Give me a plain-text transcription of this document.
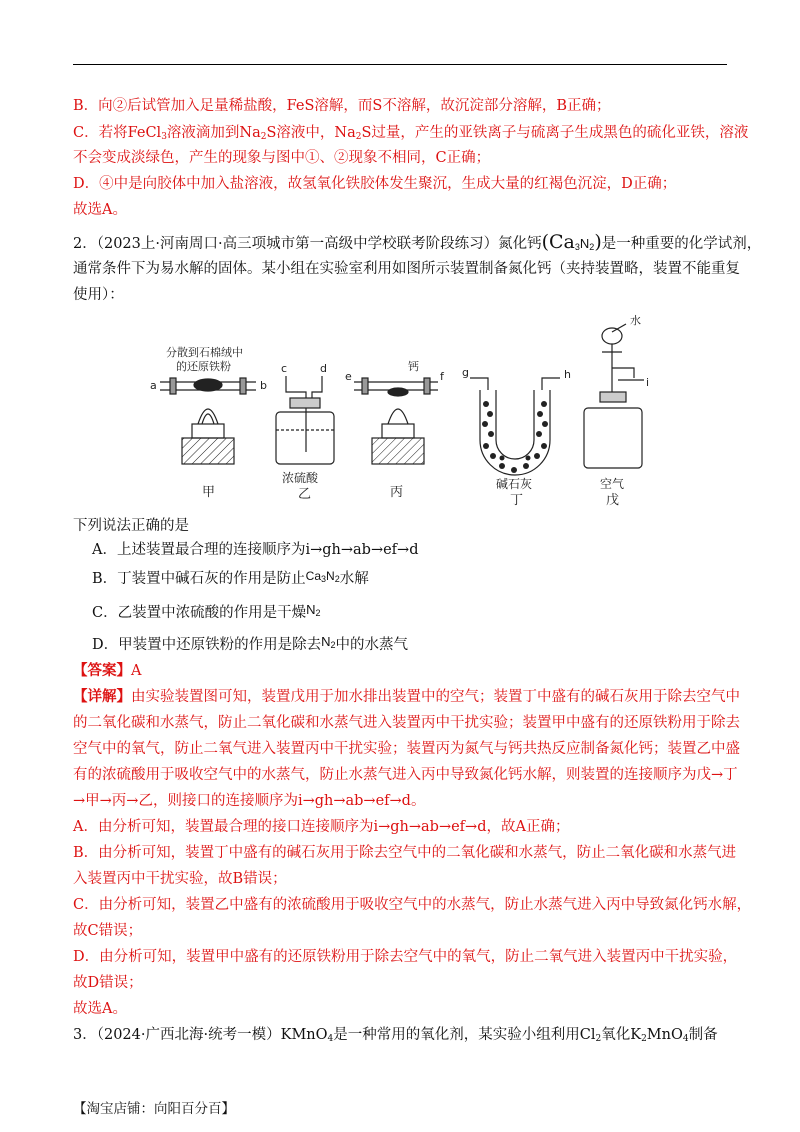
B．向②后试管加入足量稀盐酸，FeS溶解，而S不溶解，故沉淀部分溶解，B正确；
C．若将FeCl$_3$溶液滴加到$Na_2S$溶液中，$Na_2S$过量，产生的亚铁离子与硫离子生成黑色的硫化亚铁，溶液
不会变成淡绿色，产生的现象与图中①、②现象不相同，C正确；
D．④中是向胶体中加入盐溶液，故氢氧化铁胶体发生聚沉，生成大量的红褐色沉淀，D正确；
故选A。
2．（2023上·河南周口·高三项城市第一高级中学校联考阶段练习）氮化钙$(Ca_3N_2)$是一种重要的化学试剂，
通常条件下为易水解的固体。某小组在实验室利用如图所示装置制备氮化钙（夹持装置略，装置不能重复
使用）：
分散到石棉绒中
的还原铁粉
a	b
c	d
浓硫酸
e	f
钙	g	h
碱石灰
水
i
空气
甲	乙	丙
丁	戊
下列说法正确的是
A．上述装置最合理的连接顺序为i→gh→ab→ef→d
B．丁装置中碱石灰的作用是防止$^{Ca_3N_2}$水解
C．乙装置中浓硫酸的作用是干燥$N_2$
D．甲装置中还原铁粉的作用是除去$N_2$中的水蒸气
【答案】A
【详解】由实验装置图可知，装置戊用于加水排出装置中的空气；装置丁中盛有的碱石灰用于除去空气中
的二氧化碳和水蒸气，防止二氧化碳和水蒸气进入装置丙中干扰实验；装置甲中盛有的还原铁粉用于除去
空气中的氧气，防止二氧气进入装置丙中干扰实验；装置丙为氮气与钙共热反应制备氮化钙；装置乙中盛
有的浓硫酸用于吸收空气中的水蒸气，防止水蒸气进入丙中导致氮化钙水解，则装置的连接顺序为戊→丁
→甲→丙→乙，则接口的连接顺序为i→gh→ab→ef→d。
A．由分析可知，装置最合理的接口连接顺序为i→gh→ab→ef→d，故A正确；
B．由分析可知，装置丁中盛有的碱石灰用于除去空气中的二氧化碳和水蒸气，防止二氧化碳和水蒸气进
入装置丙中干扰实验，故B错误；
C．由分析可知，装置乙中盛有的浓硫酸用于吸收空气中的水蒸气，防止水蒸气进入丙中导致氮化钙水解，
故C错误；
D．由分析可知，装置甲中盛有的还原铁粉用于除去空气中的氧气，防止二氧气进入装置丙中干扰实验，
故D错误；
故选A。
3．（2024·广西北海·统考一模）KMnO$_4$是一种常用的氧化剂，某实验小组利用$Cl_2$氧化$K_2MnO_4$制备
【淘宝店铺：向阳百分百】
